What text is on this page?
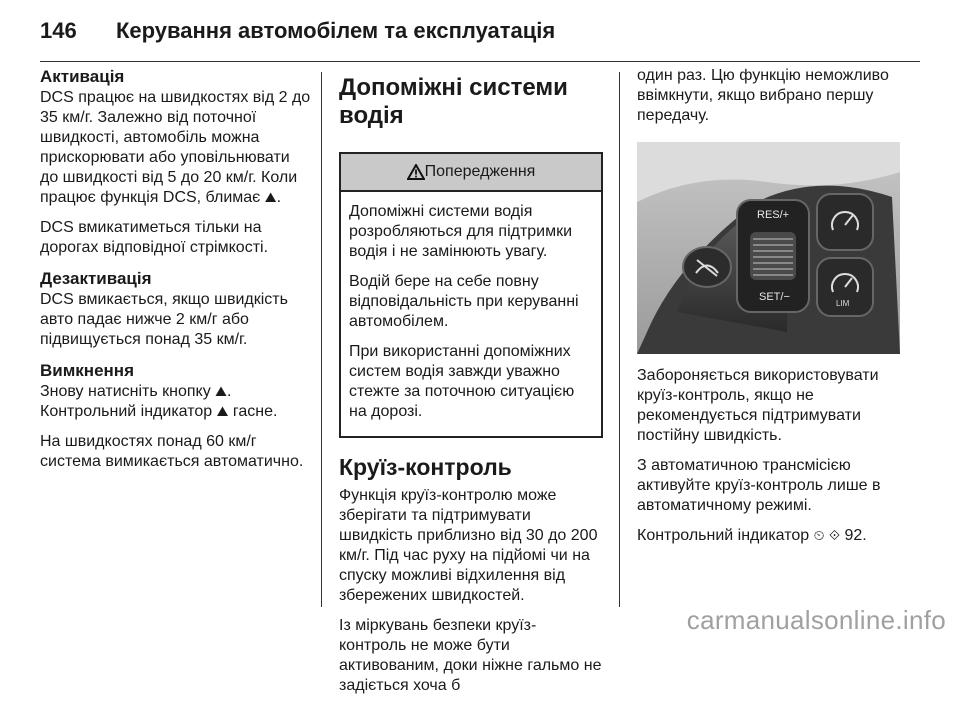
146 Керування автомобілем та експлуатація
Активація

DCS працює на швидкостях від 2 до 35 км/г. Залежно від поточної швидкості, автомобіль можна прискорювати або уповільнювати до швидкості від 5 до 20 км/г. Коли працює функція DCS, блимає ⛰.

DCS вмикатиметься тільки на дорогах відповідної стрімкості.

Дезактивація

DCS вмикається, якщо швидкість авто падає нижче 2 км/г або підвищується понад 35 км/г.

Вимкнення

Знову натисніть кнопку ⛰.
Контрольний індикатор ⛰ гасне.

На швидкостях понад 60 км/г система вимикається автоматично.

Допоміжні системи водія
Попередження

Допоміжні системи водія розробляються для підтримки водія і не замінюють увагу.

Водій бере на себе повну відповідальність при керуванні автомобілем.

При використанні допоміжних систем водія завжди уважно стежте за поточною ситуацією на дорозі.

Круїз-контроль

Функція круїз-контролю може зберігати та підтримувати швидкість приблизно від 30 до 200 км/г. Під час руху на підйомі чи на спуску можливі відхилення від збережених швидкостей.

Із міркувань безпеки круїз-контроль не може бути активованим, доки ніжне гальмо не задіється хоча б

один раз. Цю функцію неможливо ввімкнути, якщо вибрано першу передачу.

RES/+
SET/−
LIM

Забороняється використовувати круїз-контроль, якщо не рекомендується підтримувати постійну швидкість.

З автоматичною трансмісією активуйте круїз-контроль лише в автоматичному режимі.

Контрольний індикатор ⏲ ⟐ 92.

carmanualsonline.info
